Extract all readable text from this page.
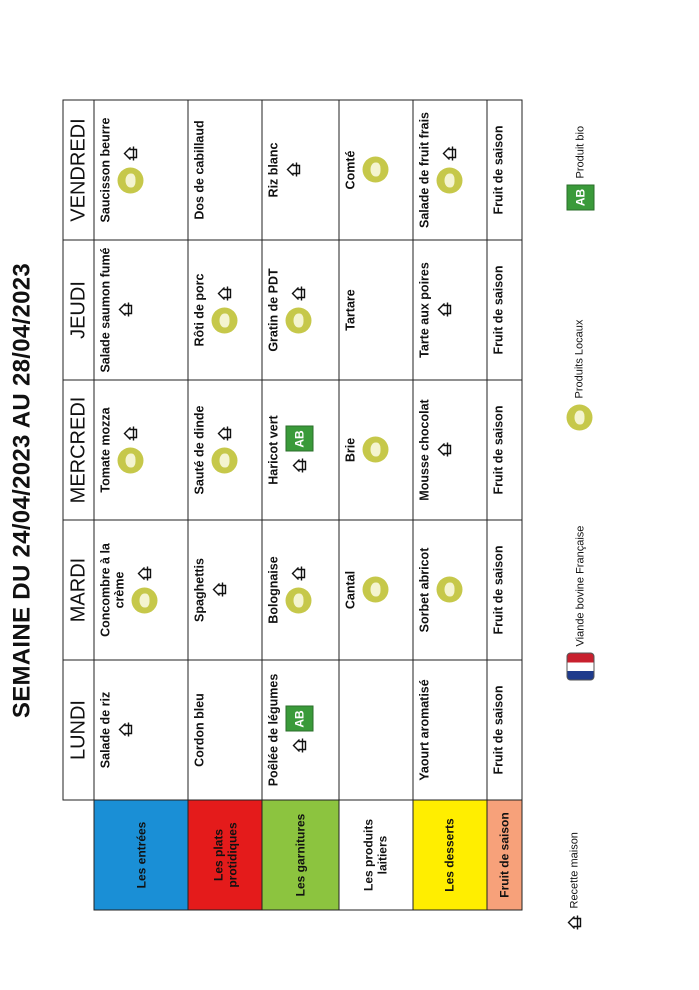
SEMAINE DU 24/04/2023 AU 28/04/2023
	LUNDI	MARDI	MERCREDI	JEUDI	VENDREDI
Les entrées	Salade de riz	Concombre à la crème	Tomate mozza	Salade saumon fumé	Saucisson beurre

Les plats protidiques	Cordon bleu	Spaghettis	Sauté de dinde	Rôti de porc	Dos de cabillaud

Les garnitures	Poêlée de légumes AB	Bolognaise	Haricot vert AB	Gratin de PDT	Riz blanc

Les produits laitiers		Cantal	Brie	Tartare	Comté

Les desserts	Yaourt aromatisé	Sorbet abricot	Mousse chocolat	Tarte aux poires	Salade de fruit frais

Fruit de saison	Fruit de saison	Fruit de saison	Fruit de saison	Fruit de saison	Fruit de saison
Recette maison
Viande bovine Française
Produits Locaux
AB
Produit bio
